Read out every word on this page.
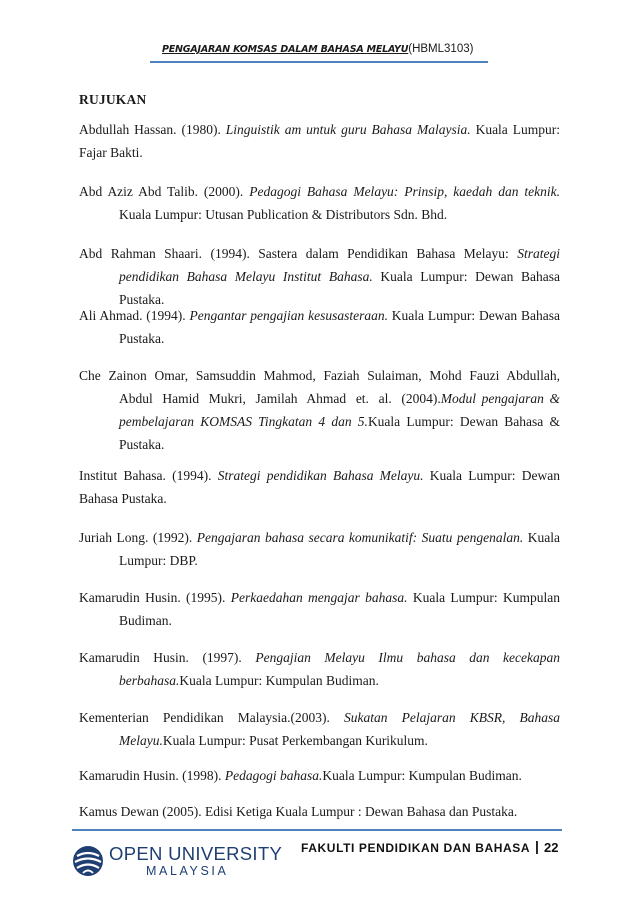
PENGAJARAN KOMSAS DALAM BAHASA MELAYU(HBML3103)
RUJUKAN
Abdullah Hassan. (1980). Linguistik am untuk guru Bahasa Malaysia. Kuala Lumpur: Fajar Bakti.
Abd Aziz Abd Talib. (2000). Pedagogi Bahasa Melayu: Prinsip, kaedah dan teknik. Kuala Lumpur: Utusan Publication & Distributors Sdn. Bhd.
Abd Rahman Shaari. (1994). Sastera dalam Pendidikan Bahasa Melayu: Strategi pendidikan Bahasa Melayu Institut Bahasa. Kuala Lumpur: Dewan Bahasa Pustaka.
Ali Ahmad. (1994). Pengantar pengajian kesusasteraan. Kuala Lumpur: Dewan Bahasa Pustaka.
Che Zainon Omar, Samsuddin Mahmod, Faziah Sulaiman, Mohd Fauzi Abdullah, Abdul Hamid Mukri, Jamilah Ahmad et. al. (2004).Modul pengajaran & pembelajaran KOMSAS Tingkatan 4 dan 5.Kuala Lumpur: Dewan Bahasa & Pustaka.
Institut Bahasa. (1994). Strategi pendidikan Bahasa Melayu. Kuala Lumpur: Dewan Bahasa Pustaka.
Juriah Long. (1992). Pengajaran bahasa secara komunikatif: Suatu pengenalan. Kuala Lumpur: DBP.
Kamarudin Husin. (1995). Perkaedahan mengajar bahasa. Kuala Lumpur: Kumpulan Budiman.
Kamarudin Husin. (1997). Pengajian Melayu Ilmu bahasa dan kecekapan berbahasa.Kuala Lumpur: Kumpulan Budiman.
Kementerian Pendidikan Malaysia.(2003). Sukatan Pelajaran KBSR, Bahasa Melayu.Kuala Lumpur: Pusat Perkembangan Kurikulum.
Kamarudin Husin. (1998). Pedagogi bahasa.Kuala Lumpur: Kumpulan Budiman.
Kamus Dewan (2005). Edisi Ketiga Kuala Lumpur : Dewan Bahasa dan Pustaka.
OPEN UNIVERSITY
MALAYSIA
FAKULTI PENDIDIKAN DAN BAHASA | 22
